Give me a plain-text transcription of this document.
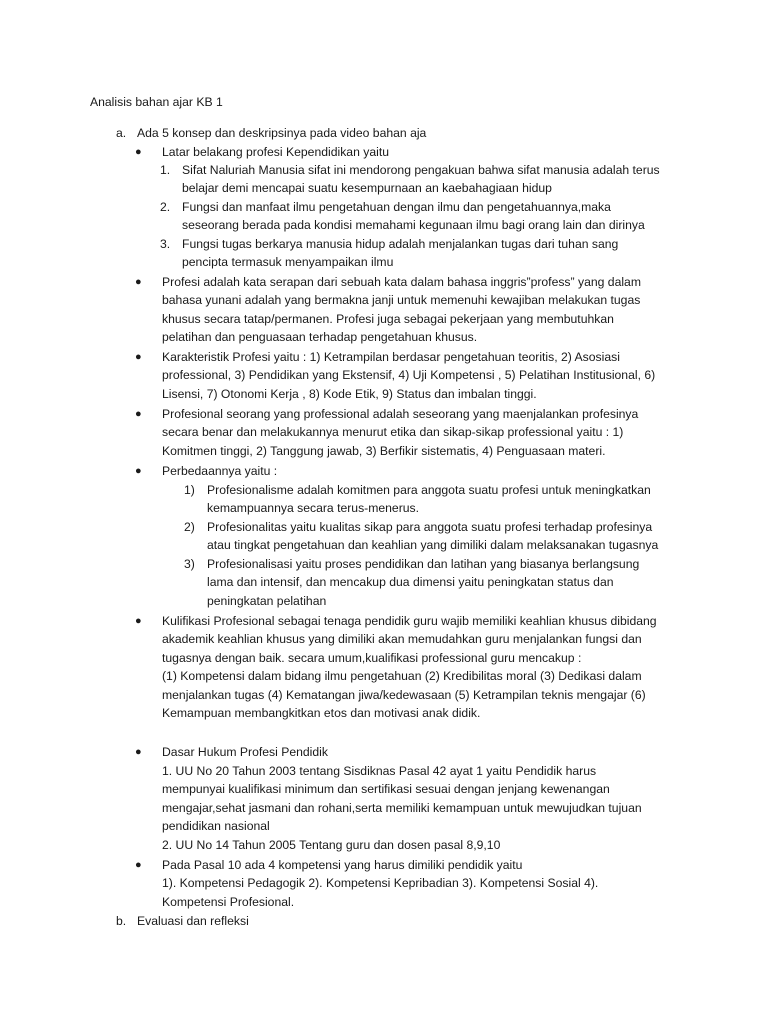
Analisis bahan ajar KB 1
a. Ada 5 konsep dan deskripsinya pada video bahan aja
● Latar belakang profesi Kependidikan yaitu
1. Sifat Naluriah Manusia sifat ini mendorong pengakuan bahwa sifat manusia adalah terus
belajar demi mencapai suatu kesempurnaan an kaebahagiaan hidup
2. Fungsi dan manfaat ilmu pengetahuan dengan ilmu dan pengetahuannya,maka
seseorang berada pada kondisi memahami kegunaan ilmu bagi orang lain dan dirinya
3. Fungsi tugas berkarya manusia hidup adalah menjalankan tugas dari tuhan sang
pencipta termasuk menyampaikan ilmu
● Profesi adalah kata serapan dari sebuah kata dalam bahasa inggris”profess” yang dalam
bahasa yunani adalah yang bermakna janji untuk memenuhi kewajiban melakukan tugas
khusus secara tatap/permanen. Profesi juga sebagai pekerjaan yang membutuhkan
pelatihan dan penguasaan terhadap pengetahuan khusus.
● Karakteristik Profesi yaitu : 1) Ketrampilan berdasar pengetahuan teoritis, 2) Asosiasi
professional, 3) Pendidikan yang Ekstensif, 4) Uji Kompetensi , 5) Pelatihan Institusional, 6)
Lisensi, 7) Otonomi Kerja , 8) Kode Etik, 9) Status dan imbalan tinggi.
● Profesional seorang yang professional adalah seseorang yang maenjalankan profesinya
secara benar dan melakukannya menurut etika dan sikap-sikap professional yaitu : 1)
Komitmen tinggi, 2) Tanggung jawab, 3) Berfikir sistematis, 4) Penguasaan materi.
● Perbedaannya yaitu :
1) Profesionalisme adalah komitmen para anggota suatu profesi untuk meningkatkan
kemampuannya secara terus-menerus.
2) Profesionalitas yaitu kualitas sikap para anggota suatu profesi terhadap profesinya
atau tingkat pengetahuan dan keahlian yang dimiliki dalam melaksanakan tugasnya
3) Profesionalisasi yaitu proses pendidikan dan latihan yang biasanya berlangsung
lama dan intensif, dan mencakup dua dimensi yaitu peningkatan status dan
peningkatan pelatihan
● Kulifikasi Profesional sebagai tenaga pendidik guru wajib memiliki keahlian khusus dibidang
akademik keahlian khusus yang dimiliki akan memudahkan guru menjalankan fungsi dan
tugasnya dengan baik. secara umum,kualifikasi professional guru mencakup :
(1) Kompetensi dalam bidang ilmu pengetahuan (2) Kredibilitas moral (3) Dedikasi dalam
menjalankan tugas (4) Kematangan jiwa/kedewasaan (5) Ketrampilan teknis mengajar (6)
Kemampuan membangkitkan etos dan motivasi anak didik.
● Dasar Hukum Profesi Pendidik
1. UU No 20 Tahun 2003 tentang Sisdiknas Pasal 42 ayat 1 yaitu Pendidik harus
mempunyai kualifikasi minimum dan sertifikasi sesuai dengan jenjang kewenangan
mengajar,sehat jasmani dan rohani,serta memiliki kemampuan untuk mewujudkan tujuan
pendidikan nasional
2. UU No 14 Tahun 2005 Tentang guru dan dosen pasal 8,9,10
● Pada Pasal 10 ada 4 kompetensi yang harus dimiliki pendidik yaitu
1). Kompetensi Pedagogik 2). Kompetensi Kepribadian 3). Kompetensi Sosial 4).
Kompetensi Profesional.
b. Evaluasi dan refleksi
